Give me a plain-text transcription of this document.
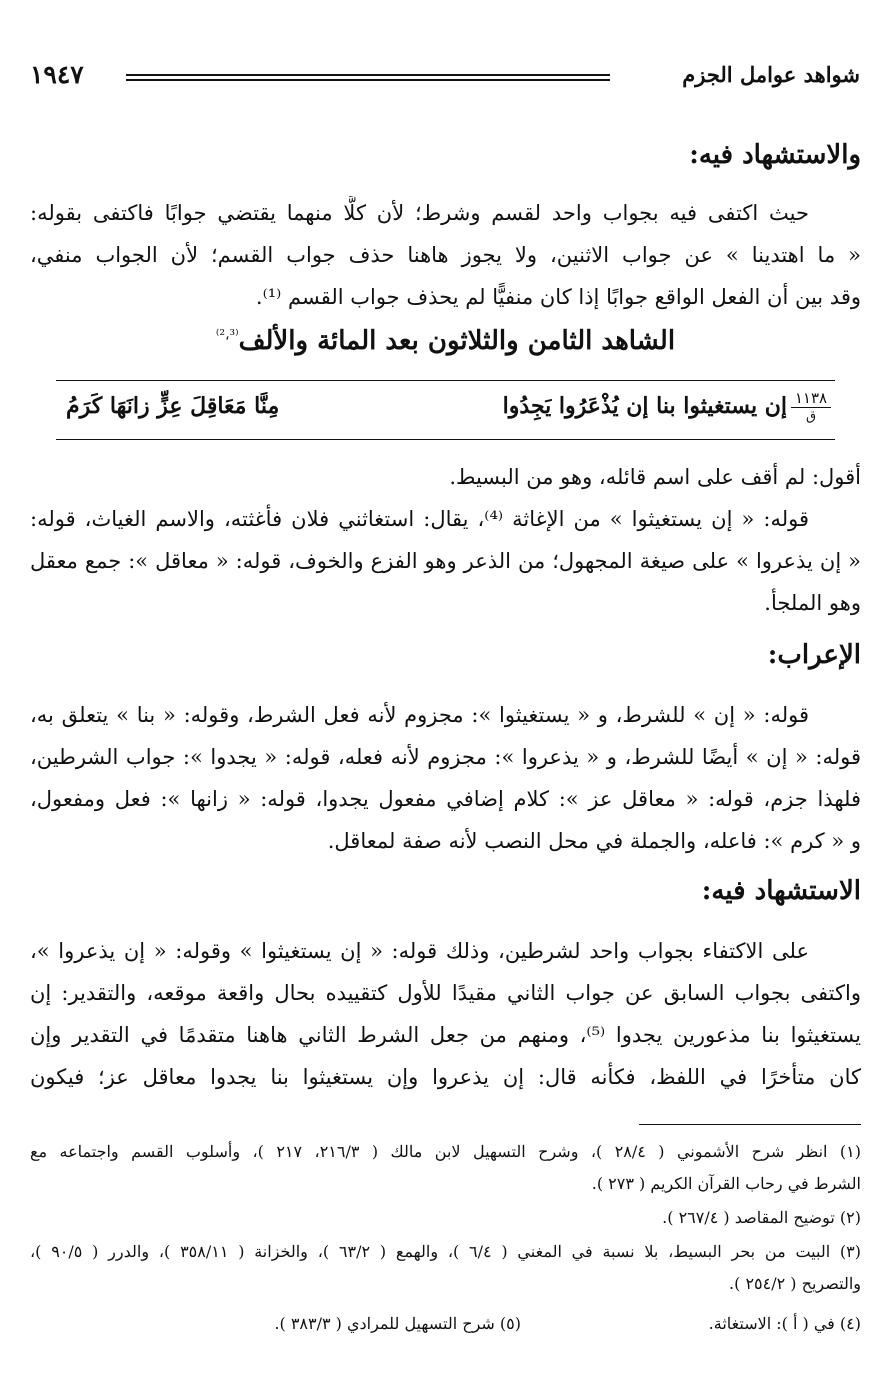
شواهد عوامل الجزم
١٩٤٧
والاستشهاد فيه:
حيث اكتفى فيه بجواب واحد لقسم وشرط؛ لأن كلًّا منهما يقتضي جوابًا فاكتفى بقوله:
« ما اهتدينا » عن جواب الاثنين، ولا يجوز هاهنا حذف جواب القسم؛ لأن الجواب منفي،
وقد بين أن الفعل الواقع جوابًا إذا كان منفيًّا لم يحذف جواب القسم ⁽¹⁾.
الشاهد الثامن والثلاثون بعد المائة والألف$^{^{(2}،^{3)}}$
١١٣٨
ق
إن يستغيثوا بنا إن يُذْعَرُوا يَجِدُوا
مِنَّا مَعَاقِلَ عِزٍّ زانَهَا كَرَمُ
أقول: لم أقف على اسم قائله، وهو من البسيط.
قوله: « إن يستغيثوا » من الإغاثة ⁽⁴⁾، يقال: استغاثني فلان فأغثته، والاسم الغياث، قوله:
« إن يذعروا » على صيغة المجهول؛ من الذعر وهو الفزع والخوف، قوله: « معاقل »: جمع معقل
وهو الملجأ.
الإعراب:
قوله: « إن » للشرط، و « يستغيثوا »: مجزوم لأنه فعل الشرط، وقوله: « بنا » يتعلق به،
قوله: « إن » أيضًا للشرط، و « يذعروا »: مجزوم لأنه فعله، قوله: « يجدوا »: جواب الشرطين،
فلهذا جزم، قوله: « معاقل عز »: كلام إضافي مفعول يجدوا، قوله: « زانها »: فعل ومفعول،
و « كرم »: فاعله، والجملة في محل النصب لأنه صفة لمعاقل.
الاستشهاد فيه:
على الاكتفاء بجواب واحد لشرطين، وذلك قوله: « إن يستغيثوا » وقوله: « إن يذعروا »،
واكتفى بجواب السابق عن جواب الثاني مقيدًا للأول كتقييده بحال واقعة موقعه، والتقدير: إن
يستغيثوا بنا مذعورين يجدوا ⁽⁵⁾، ومنهم من جعل الشرط الثاني هاهنا متقدمًا في التقدير وإن
كان متأخرًا في اللفظ، فكأنه قال: إن يذعروا وإن يستغيثوا بنا يجدوا معاقل عز؛ فيكون
(١) انظر شرح الأشموني ( ٢٨/٤ )، وشرح التسهيل لابن مالك ( ٢١٦/٣، ٢١٧ )، وأسلوب القسم واجتماعه مع
الشرط في رحاب القرآن الكريم ( ٢٧٣ ).
(٢) توضيح المقاصد ( ٢٦٧/٤ ).
(٣) البيت من بحر البسيط، بلا نسبة في المغني ( ٦/٤ )، والهمع ( ٦٣/٢ )، والخزانة ( ٣٥٨/١١ )، والدرر ( ٩٠/٥ )،
والتصريح ( ٢٥٤/٢ ).
(٤) في ( أ ): الاستغاثة.
(٥) شرح التسهيل للمرادي ( ٣٨٣/٣ ).
